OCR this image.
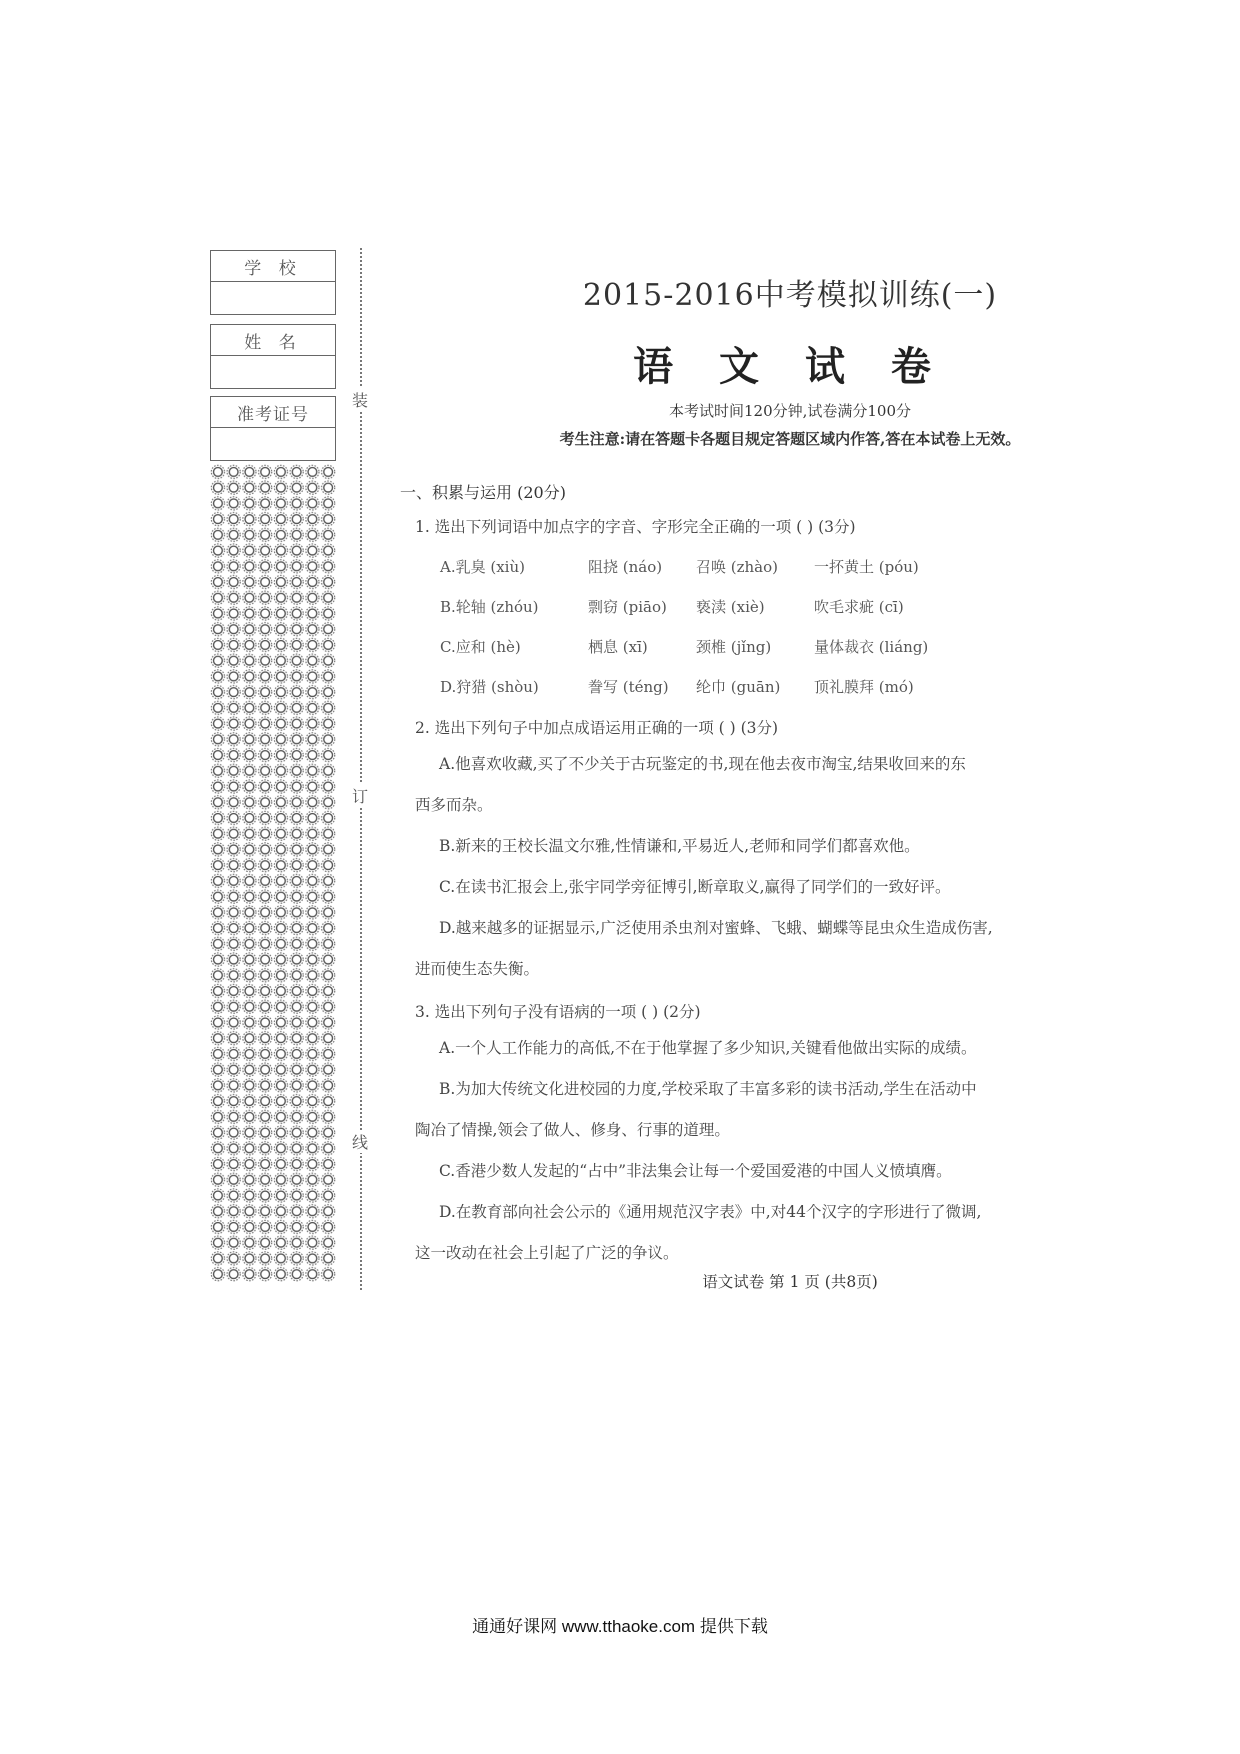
学 校
姓 名
准考证号
装
订
线
2015-2016中考模拟训练(一)
语 文 试 卷
本考试时间120分钟,试卷满分100分
考生注意:请在答题卡各题目规定答题区域内作答,答在本试卷上无效。
一、积累与运用 (20分)
1. 选出下列词语中加点字的字音、字形完全正确的一项 ( ) (3分)
A.乳臭 (xiù)	阻挠 (náo)	召唤 (zhào)	一抔黄土 (póu)
B.轮轴 (zhóu)	剽窃 (piāo)	亵渎 (xiè)	吹毛求疵 (cī)
C.应和 (hè)	栖息 (xī)	颈椎 (jǐng)	量体裁衣 (liáng)
D.狩猎 (shòu)	誊写 (téng)	纶巾 (guān)	顶礼膜拜 (mó)
2. 选出下列句子中加点成语运用正确的一项 ( ) (3分)
A.他喜欢收藏,买了不少关于古玩鉴定的书,现在他去夜市淘宝,结果收回来的东
西多而杂。
B.新来的王校长温文尔雅,性情谦和,平易近人,老师和同学们都喜欢他。
C.在读书汇报会上,张宇同学旁征博引,断章取义,赢得了同学们的一致好评。
D.越来越多的证据显示,广泛使用杀虫剂对蜜蜂、飞蛾、蝴蝶等昆虫众生造成伤害,
进而使生态失衡。
3. 选出下列句子没有语病的一项 ( ) (2分)
A.一个人工作能力的高低,不在于他掌握了多少知识,关键看他做出实际的成绩。
B.为加大传统文化进校园的力度,学校采取了丰富多彩的读书活动,学生在活动中
陶冶了情操,领会了做人、修身、行事的道理。
C.香港少数人发起的“占中”非法集会让每一个爱国爱港的中国人义愤填膺。
D.在教育部向社会公示的《通用规范汉字表》中,对44个汉字的字形进行了微调,
这一改动在社会上引起了广泛的争议。
语文试卷 第 1 页 (共8页)
通通好课网 www.tthaoke.com 提供下载
